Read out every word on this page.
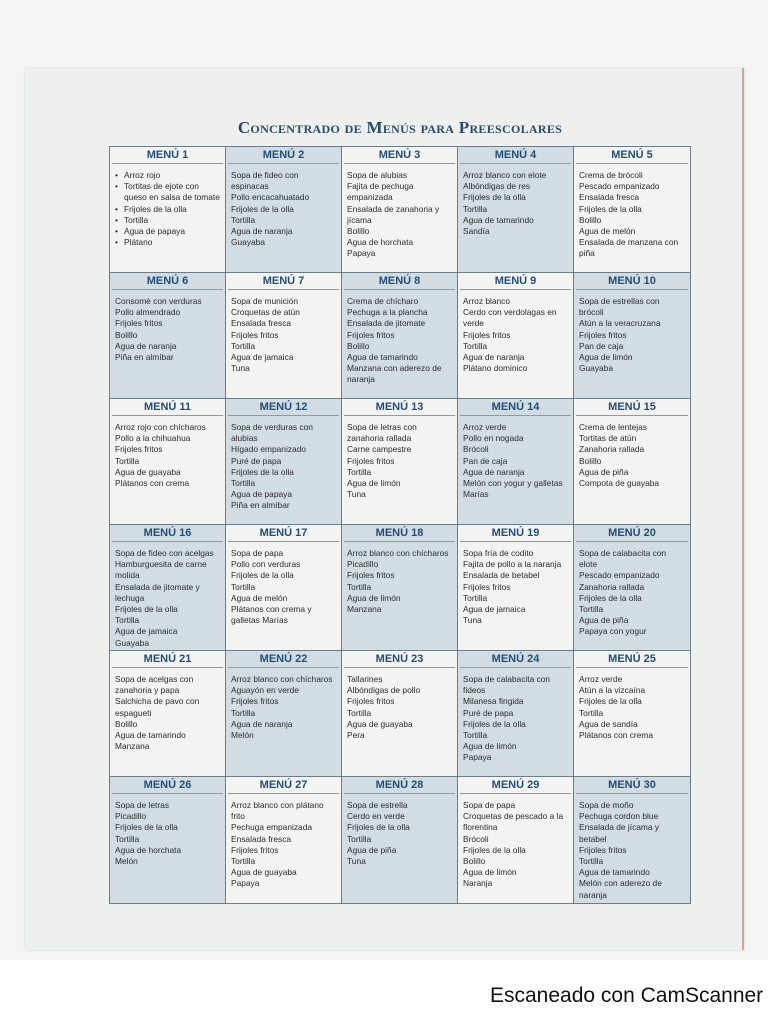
Concentrado de Menús para Preescolares
MENÚ 1
• Arroz rojo
• Tortitas de ejote con queso en salsa de tomate
• Frijoles de la olla
• Tortilla
• Agua de papaya
• Plátano
MENÚ 2
Sopa de fideo con espinacas
Pollo encacahuatado
Frijoles de la olla
Tortilla
Agua de naranja
Guayaba
MENÚ 3
Sopa de alubias
Fajita de pechuga empanizada
Ensalada de zanahoria y jícama
Bolillo
Agua de horchata
Papaya
MENÚ 4
Arroz blanco con elote
Albóndigas de res
Frijoles de la olla
Tortilla
Agua de tamarindo
Sandía
MENÚ 5
Crema de brócoli
Pescado empanizado
Ensalada fresca
Frijoles de la olla
Bolillo
Agua de melón
Ensalada de manzana con piña
MENÚ 6
Consomé con verduras
Pollo almendrado
Frijoles fritos
Bolillo
Agua de naranja
Piña en almíbar
MENÚ 7
Sopa de munición
Croquetas de atún
Ensalada fresca
Frijoles fritos
Tortilla
Agua de jamaica
Tuna
MENÚ 8
Crema de chícharo
Pechuga a la plancha
Ensalada de jitomate
Frijoles fritos
Bolillo
Agua de tamarindo
Manzana con aderezo de naranja
MENÚ 9
Arroz blanco
Cerdo con verdolagas en verde
Frijoles fritos
Tortilla
Agua de naranja
Plátano dominico
MENÚ 10
Sopa de estrellas con brócoli
Atún a la veracruzana
Frijoles fritos
Pan de caja
Agua de limón
Guayaba
MENÚ 11
Arroz rojo con chícharos
Pollo a la chihuahua
Frijoles fritos
Tortilla
Agua de guayaba
Plátanos con crema
MENÚ 12
Sopa de verduras con alubias
Hígado empanizado
Puré de papa
Frijoles de la olla
Tortilla
Agua de papaya
Piña en almíbar
MENÚ 13
Sopa de letras con zanahoria rallada
Carne campestre
Frijoles fritos
Tortilla
Agua de limón
Tuna
MENÚ 14
Arroz verde
Pollo en nogada
Brócoli
Pan de caja
Agua de naranja
Melón con yogur y galletas Marías
MENÚ 15
Crema de lentejas
Tortitas de atún
Zanahoria rallada
Bolillo
Agua de piña
Compota de guayaba
MENÚ 16
Sopa de fideo con acelgas
Hamburguesita de carne molida
Ensalada de jitomate y lechuga
Frijoles de la olla
Tortilla
Agua de jamaica
Guayaba
MENÚ 17
Sopa de papa
Pollo con verduras
Frijoles de la olla
Tortilla
Agua de melón
Plátanos con crema y galletas Marías
MENÚ 18
Arroz blanco con chícharos
Picadillo
Frijoles fritos
Tortilla
Agua de limón
Manzana
MENÚ 19
Sopa fría de codito
Fajita de pollo a la naranja
Ensalada de betabel
Frijoles fritos
Tortilla
Agua de jamaica
Tuna
MENÚ 20
Sopa de calabacita con elote
Pescado empanizado
Zanahoria rallada
Frijoles de la olla
Tortilla
Agua de piña
Papaya con yogur
MENÚ 21
Sopa de acelgas con zanahoria y papa
Salchicha de pavo con espagueti
Bolillo
Agua de tamarindo
Manzana
MENÚ 22
Arroz blanco con chícharos
Aguayón en verde
Frijoles fritos
Tortilla
Agua de naranja
Melón
MENÚ 23
Tallarines
Albóndigas de pollo
Frijoles fritos
Tortilla
Agua de guayaba
Pera
MENÚ 24
Sopa de calabacita con fideos
Milanesa fingida
Puré de papa
Frijoles de la olla
Tortilla
Agua de limón
Papaya
MENÚ 25
Arroz verde
Atún a la vizcaína
Frijoles de la olla
Tortilla
Agua de sandía
Plátanos con crema
MENÚ 26
Sopa de letras
Picadillo
Frijoles de la olla
Tortilla
Agua de horchata
Melón
MENÚ 27
Arroz blanco con plátano frito
Pechuga empanizada
Ensalada fresca
Frijoles fritos
Tortilla
Agua de guayaba
Papaya
MENÚ 28
Sopa de estrella
Cerdo en verde
Frijoles de la olla
Tortilla
Agua de piña
Tuna
MENÚ 29
Sopa de papa
Croquetas de pescado a la florentina
Brócoli
Frijoles de la olla
Bolillo
Agua de limón
Naranja
MENÚ 30
Sopa de moño
Pechuga cordon blue
Ensalada de jícama y betabel
Frijoles fritos
Tortilla
Agua de tamarindo
Melón con aderezo de naranja
Escaneado con CamScanner
